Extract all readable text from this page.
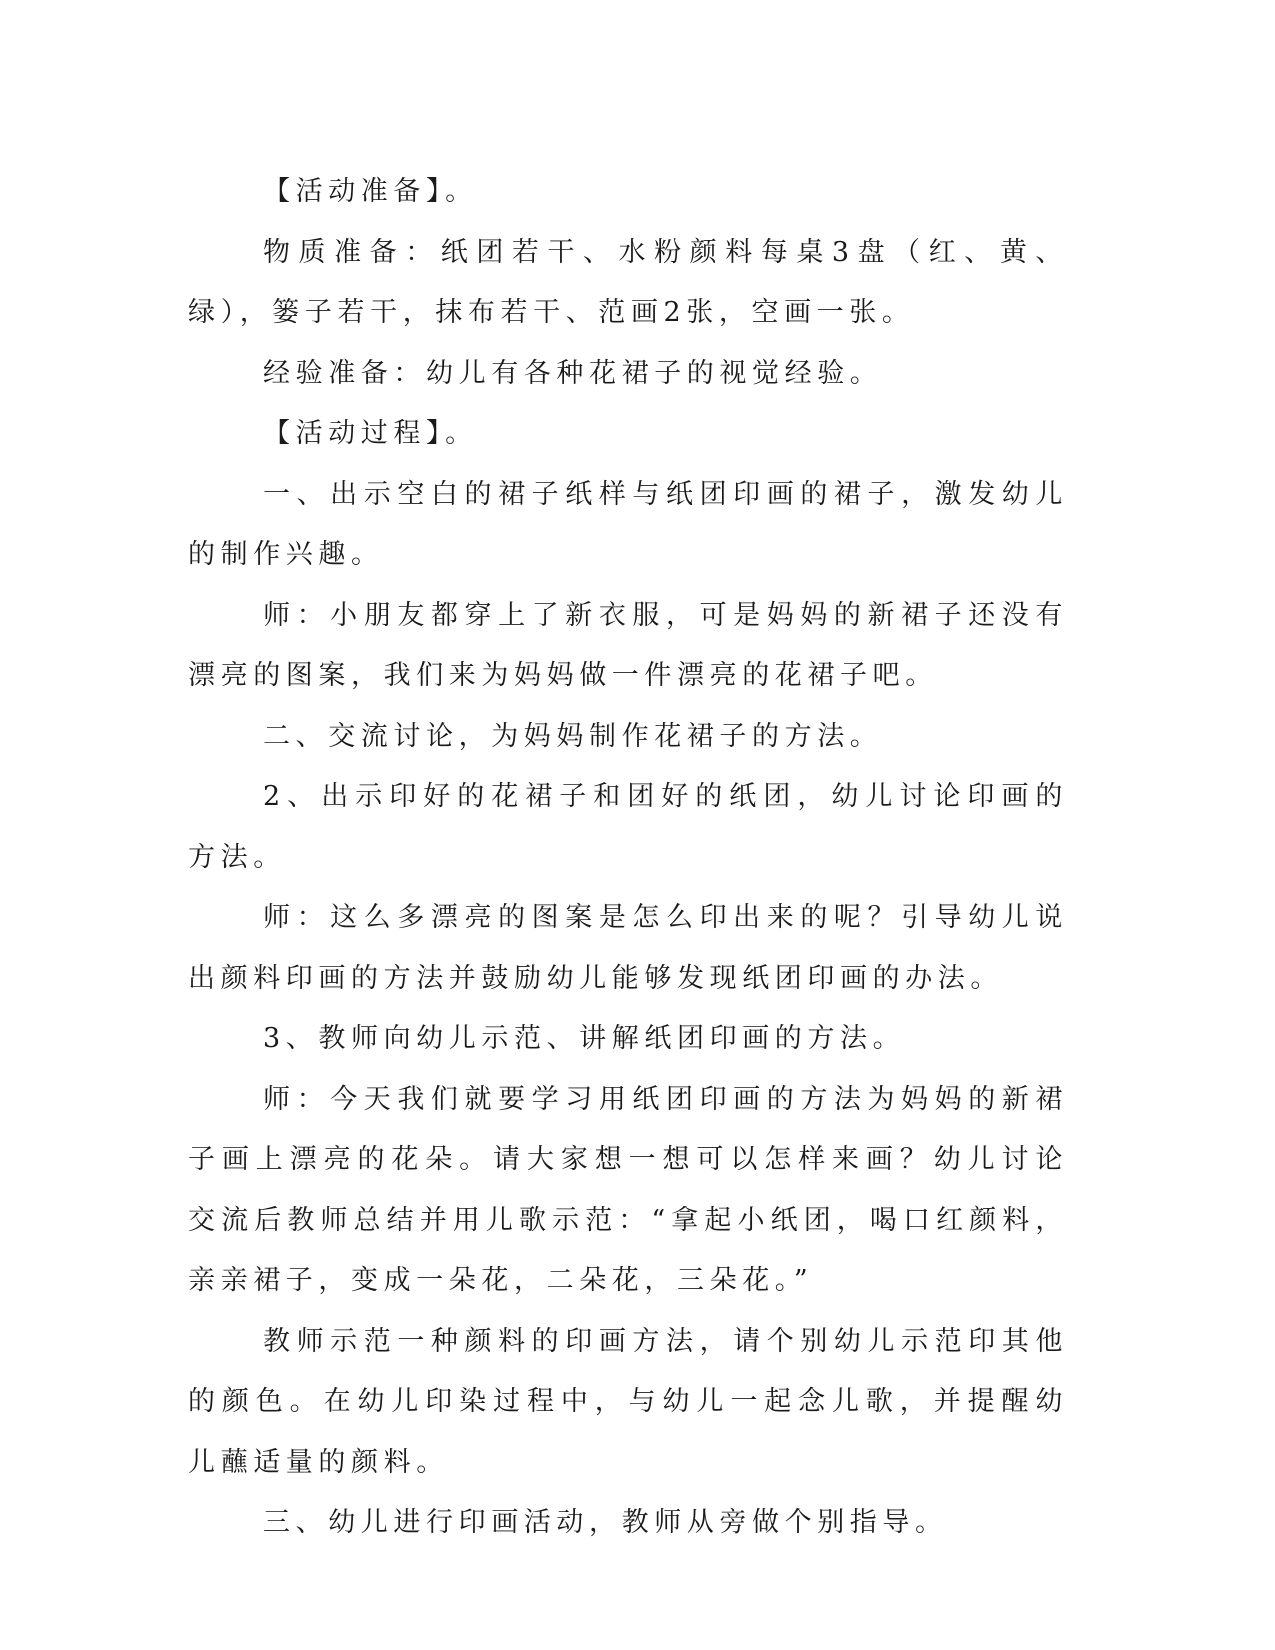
【活动准备】。

物质准备：纸团若干、水粉颜料每桌3盘（红、黄、绿），篓子若干，抹布若干、范画2张，空画一张。

经验准备：幼儿有各种花裙子的视觉经验。

【活动过程】。

一、出示空白的裙子纸样与纸团印画的裙子，激发幼儿的制作兴趣。

师：小朋友都穿上了新衣服，可是妈妈的新裙子还没有漂亮的图案，我们来为妈妈做一件漂亮的花裙子吧。

二、交流讨论，为妈妈制作花裙子的方法。

2、出示印好的花裙子和团好的纸团，幼儿讨论印画的方法。

师：这么多漂亮的图案是怎么印出来的呢？引导幼儿说出颜料印画的方法并鼓励幼儿能够发现纸团印画的办法。

3、教师向幼儿示范、讲解纸团印画的方法。

师：今天我们就要学习用纸团印画的方法为妈妈的新裙子画上漂亮的花朵。请大家想一想可以怎样来画？幼儿讨论交流后教师总结并用儿歌示范：“拿起小纸团，喝口红颜料，亲亲裙子，变成一朵花，二朵花，三朵花。”

教师示范一种颜料的印画方法，请个别幼儿示范印其他的颜色。在幼儿印染过程中，与幼儿一起念儿歌，并提醒幼儿蘸适量的颜料。

三、幼儿进行印画活动，教师从旁做个别指导。
